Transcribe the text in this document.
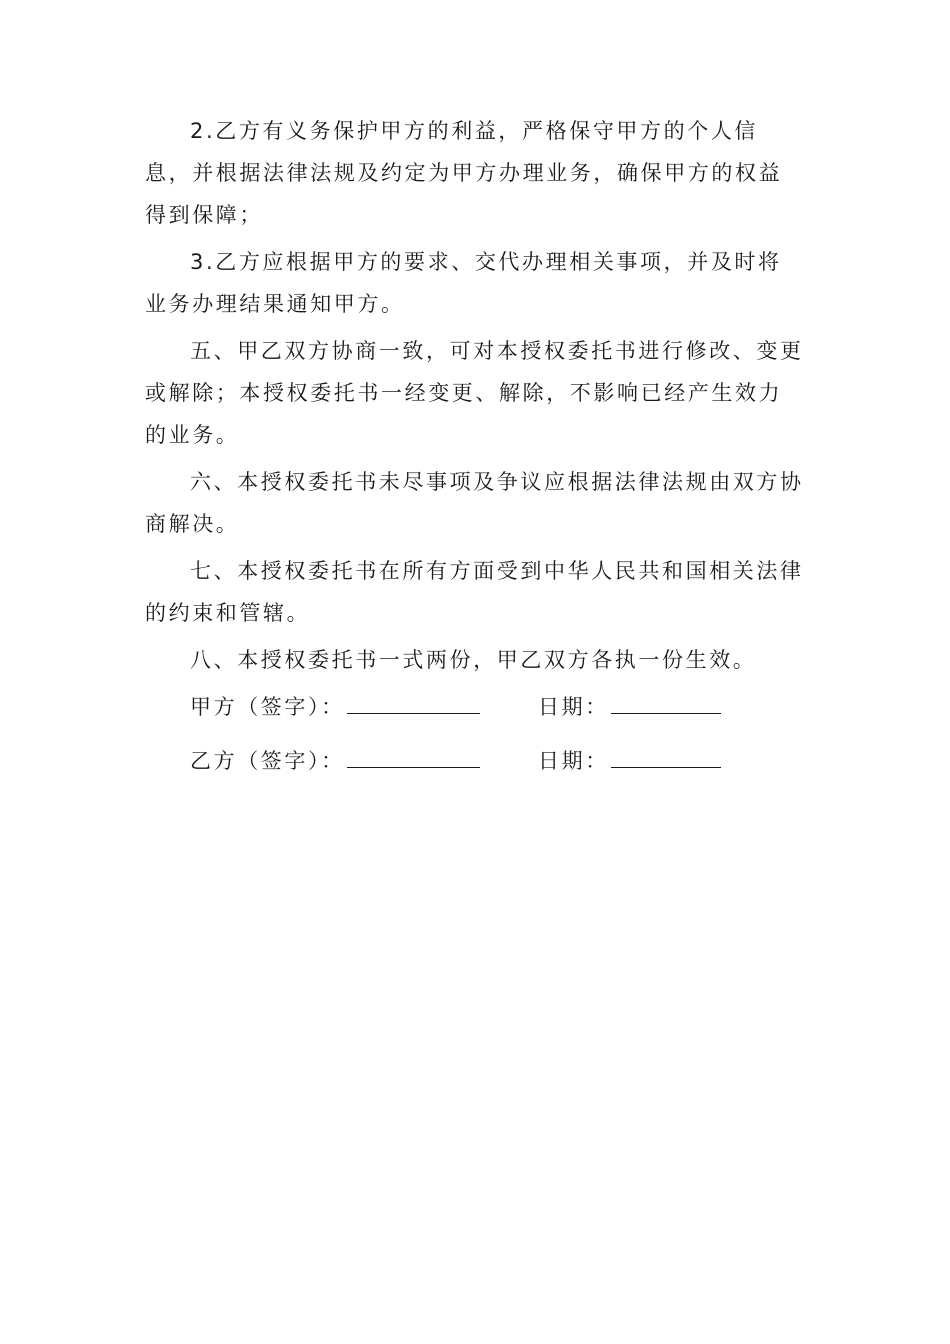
2.乙方有义务保护甲方的利益，严格保守甲方的个人信息，并根据法律法规及约定为甲方办理业务，确保甲方的权益得到保障；

3.乙方应根据甲方的要求、交代办理相关事项，并及时将业务办理结果通知甲方。

五、甲乙双方协商一致，可对本授权委托书进行修改、变更或解除；本授权委托书一经变更、解除，不影响已经产生效力的业务。

六、本授权委托书未尽事项及争议应根据法律法规由双方协商解决。

七、本授权委托书在所有方面受到中华人民共和国相关法律的约束和管辖。

八、本授权委托书一式两份，甲乙双方各执一份生效。

甲方（签字）：	日期：
乙方（签字）：	日期：
